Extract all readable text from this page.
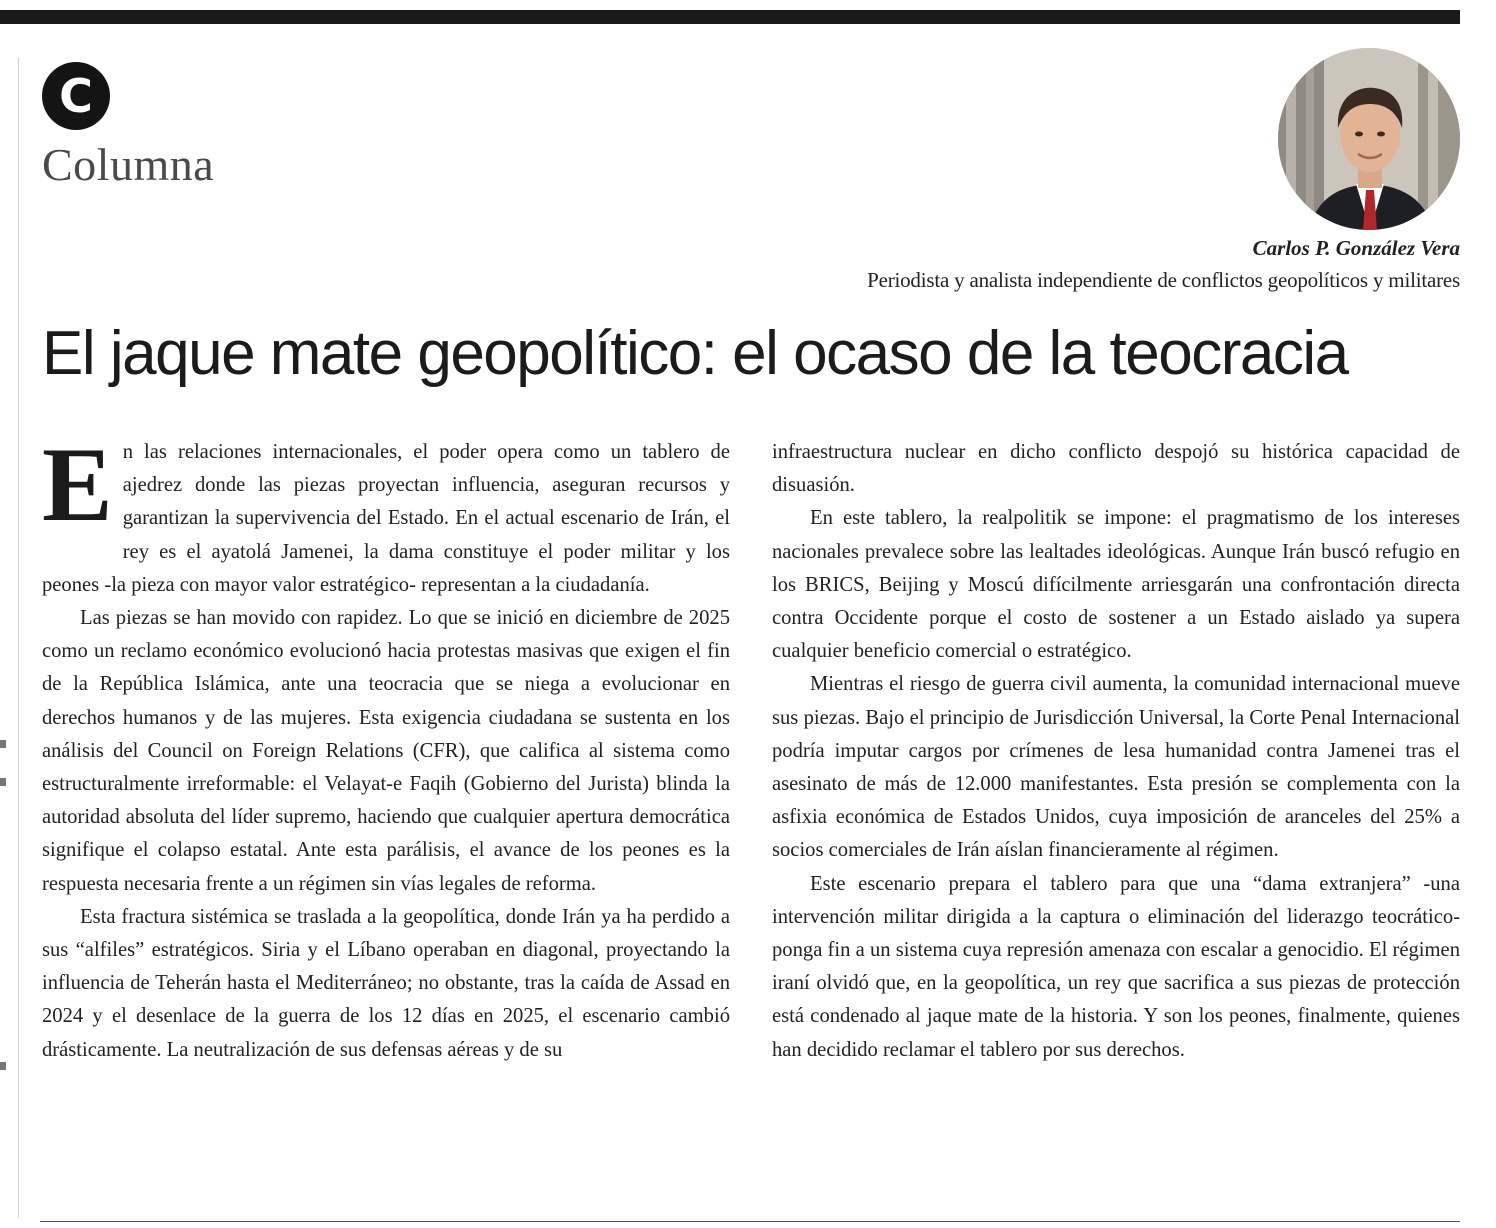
C
Columna
Carlos P. González Vera
Periodista y analista independiente de conflictos geopolíticos y militares
El jaque mate geopolítico: el ocaso de la teocracia

En las relaciones internacionales, el poder opera como un tablero de ajedrez donde las piezas proyectan influencia, aseguran recursos y garantizan la supervivencia del Estado. En el actual escenario de Irán, el rey es el ayatolá Jamenei, la dama constituye el poder militar y los peones -la pieza con mayor valor estratégico- representan a la ciudadanía.

Las piezas se han movido con rapidez. Lo que se inició en diciembre de 2025 como un reclamo económico evolucionó hacia protestas masivas que exigen el fin de la República Islámica, ante una teocracia que se niega a evolucionar en derechos humanos y de las mujeres. Esta exigencia ciudadana se sustenta en los análisis del Council on Foreign Relations (CFR), que califica al sistema como estructuralmente irreformable: el Velayat-e Faqih (Gobierno del Jurista) blinda la autoridad absoluta del líder supremo, haciendo que cualquier apertura democrática signifique el colapso estatal. Ante esta parálisis, el avance de los peones es la respuesta necesaria frente a un régimen sin vías legales de reforma.

Esta fractura sistémica se traslada a la geopolítica, donde Irán ya ha perdido a sus “alfiles” estratégicos. Siria y el Líbano operaban en diagonal, proyectando la influencia de Teherán hasta el Mediterráneo; no obstante, tras la caída de Assad en 2024 y el desenlace de la guerra de los 12 días en 2025, el escenario cambió drásticamente. La neutralización de sus defensas aéreas y de su

infraestructura nuclear en dicho conflicto despojó su histórica capacidad de disuasión.

En este tablero, la realpolitik se impone: el pragmatismo de los intereses nacionales prevalece sobre las lealtades ideológicas. Aunque Irán buscó refugio en los BRICS, Beijing y Moscú difícilmente arriesgarán una confrontación directa contra Occidente porque el costo de sostener a un Estado aislado ya supera cualquier beneficio comercial o estratégico.

Mientras el riesgo de guerra civil aumenta, la comunidad internacional mueve sus piezas. Bajo el principio de Jurisdicción Universal, la Corte Penal Internacional podría imputar cargos por crímenes de lesa humanidad contra Jamenei tras el asesinato de más de 12.000 manifestantes. Esta presión se complementa con la asfixia económica de Estados Unidos, cuya imposición de aranceles del 25% a socios comerciales de Irán aíslan financieramente al régimen.

Este escenario prepara el tablero para que una “dama extranjera” -una intervención militar dirigida a la captura o eliminación del liderazgo teocrático- ponga fin a un sistema cuya represión amenaza con escalar a genocidio. El régimen iraní olvidó que, en la geopolítica, un rey que sacrifica a sus piezas de protección está condenado al jaque mate de la historia. Y son los peones, finalmente, quienes han decidido reclamar el tablero por sus derechos.
